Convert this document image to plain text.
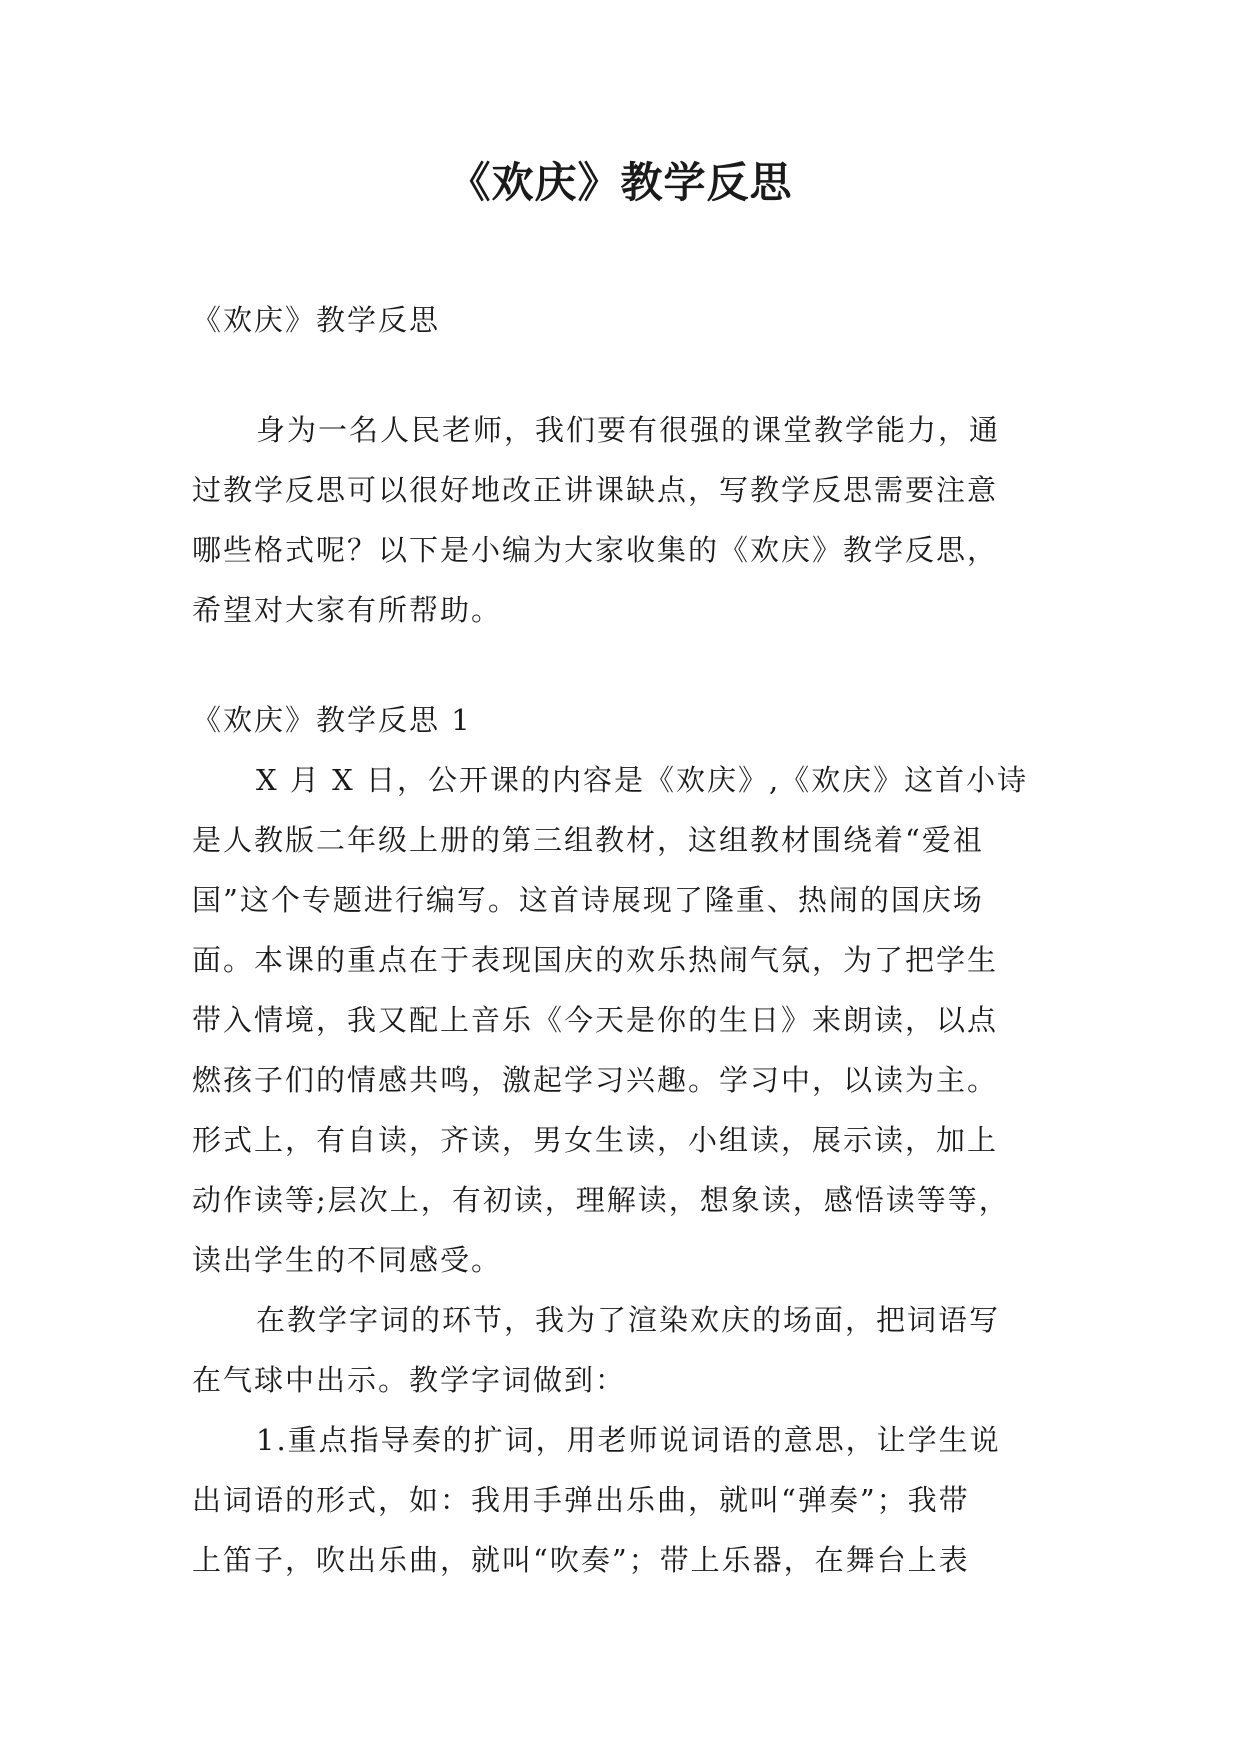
《欢庆》教学反思
《欢庆》教学反思
身为一名人民老师，我们要有很强的课堂教学能力，通
过教学反思可以很好地改正讲课缺点，写教学反思需要注意
哪些格式呢？以下是小编为大家收集的《欢庆》教学反思，
希望对大家有所帮助。
《欢庆》教学反思 1
X 月 X 日，公开课的内容是《欢庆》,《欢庆》这首小诗
是人教版二年级上册的第三组教材，这组教材围绕着“爱祖
国”这个专题进行编写。这首诗展现了隆重、热闹的国庆场
面。本课的重点在于表现国庆的欢乐热闹气氛，为了把学生
带入情境，我又配上音乐《今天是你的生日》来朗读，以点
燃孩子们的情感共鸣，激起学习兴趣。学习中，以读为主。
形式上，有自读，齐读，男女生读，小组读，展示读，加上
动作读等;层次上，有初读，理解读，想象读，感悟读等等，
读出学生的不同感受。
在教学字词的环节，我为了渲染欢庆的场面，把词语写
在气球中出示。教学字词做到：
1.重点指导奏的扩词，用老师说词语的意思，让学生说
出词语的形式，如：我用手弹出乐曲，就叫“弹奏”；我带
上笛子，吹出乐曲，就叫“吹奏”；带上乐器，在舞台上表
